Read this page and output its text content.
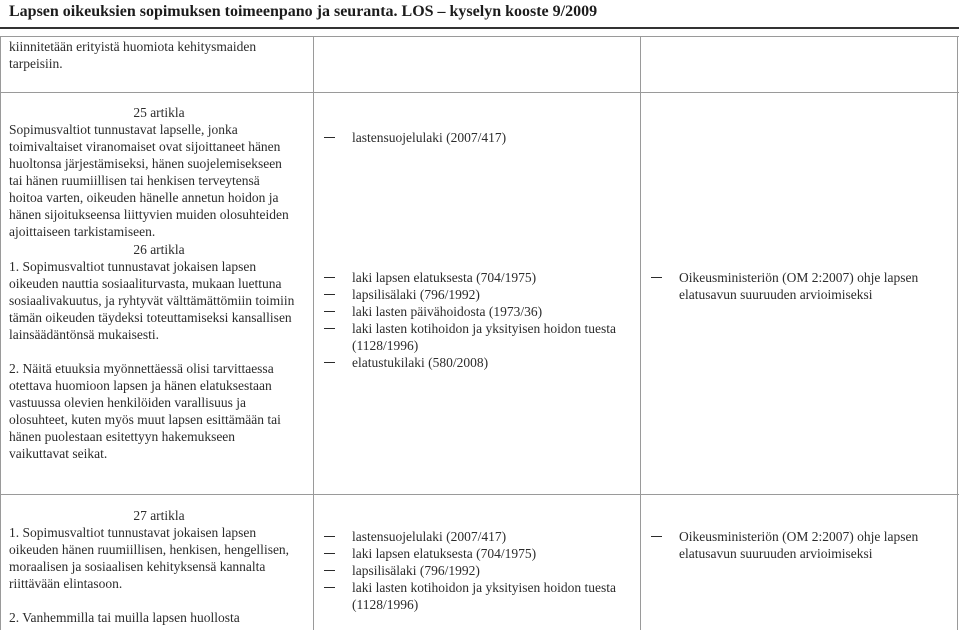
Lapsen oikeuksien sopimuksen toimeenpano ja seuranta. LOS – kyselyn kooste 9/2009

kiinnitetään erityistä huomiota kehitysmaiden

tarpeisiin.

25 artikla

Sopimusvaltiot tunnustavat lapselle, jonka

toimivaltaiset viranomaiset ovat sijoittaneet hänen

huoltonsa järjestämiseksi, hänen suojelemisekseen

tai hänen ruumiillisen tai henkisen terveytensä

hoitoa varten, oikeuden hänelle annetun hoidon ja

hänen sijoitukseensa liittyvien muiden olosuhteiden

ajoittaiseen tarkistamiseen.

26 artikla

1. Sopimusvaltiot tunnustavat jokaisen lapsen

oikeuden nauttia sosiaaliturvasta, mukaan luettuna

sosiaalivakuutus, ja ryhtyvät välttämättömiin toimiin

tämän oikeuden täydeksi toteuttamiseksi kansallisen

lainsäädäntönsä mukaisesti.

2. Näitä etuuksia myönnettäessä olisi tarvittaessa

otettava huomioon lapsen ja hänen elatuksestaan

vastuussa olevien henkilöiden varallisuus ja

olosuhteet, kuten myös muut lapsen esittämään tai

hänen puolestaan esitettyyn hakemukseen

vaikuttavat seikat.

lastensuojelulaki (2007/417)
laki lapsen elatuksesta (704/1975)
lapsilisälaki (796/1992)
laki lasten päivähoidosta (1973/36)
laki lasten kotihoidon ja yksityisen hoidon tuesta
(1128/1996)
elatustukilaki (580/2008)
Oikeusministeriön (OM 2:2007) ohje lapsen
elatusavun suuruuden arvioimiseksi

27 artikla

1. Sopimusvaltiot tunnustavat jokaisen lapsen

oikeuden hänen ruumiillisen, henkisen, hengellisen,

moraalisen ja sosiaalisen kehityksensä kannalta

riittävään elintasoon.

2. Vanhemmilla tai muilla lapsen huollosta

lastensuojelulaki (2007/417)
laki lapsen elatuksesta (704/1975)
lapsilisälaki (796/1992)
laki lasten kotihoidon ja yksityisen hoidon tuesta
(1128/1996)
Oikeusministeriön (OM 2:2007) ohje lapsen
elatusavun suuruuden arvioimiseksi
